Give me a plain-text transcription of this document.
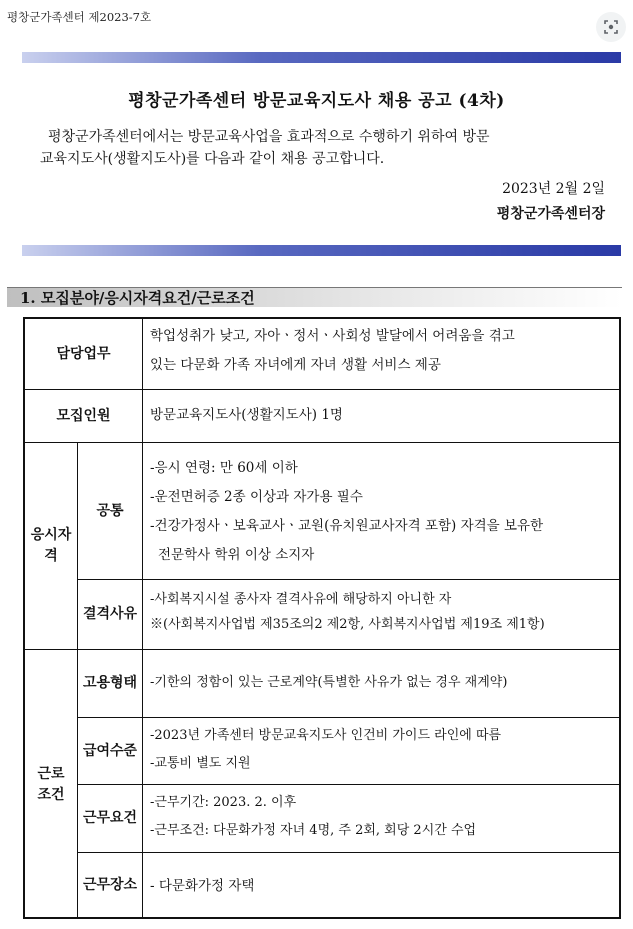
평창군가족센터 제2023-7호
평창군가족센터 방문교육지도사 채용 공고 (4차)
평창군가족센터에서는 방문교육사업을 효과적으로 수행하기 위하여 방문
교육지도사(생활지도사)를 다음과 같이 채용 공고합니다.
2023년 2월 2일
평창군가족센터장
1. 모집분야/응시자격요건/근로조건
담당업무
학업성취가 낮고, 자아ㆍ정서ㆍ사회성 발달에서 어려움을 겪고
있는 다문화 가족 자녀에게 자녀 생활 서비스 제공
모집인원	방문교육지도사(생활지도사) 1명
응시자격
공통
-응시 연령: 만 60세 이하
-운전면허증 2종 이상과 자가용 필수
-건강가정사ㆍ보육교사ㆍ교원(유치원교사자격 포함) 자격을 보유한
전문학사 학위 이상 소지자
결격사유
-사회복지시설 종사자 결격사유에 해당하지 아니한 자
※(사회복지사업법 제35조의2 제2항, 사회복지사업법 제19조 제1항)
근로조건
고용형태 -기한의 정함이 있는 근로계약(특별한 사유가 없는 경우 재계약)
급여수준
-2023년 가족센터 방문교육지도사 인건비 가이드 라인에 따름
-교통비 별도 지원
근무요건
-근무기간: 2023. 2. 이후
-근무조건: 다문화가정 자녀 4명, 주 2회, 회당 2시간 수업
근무장소 - 다문화가정 자택
